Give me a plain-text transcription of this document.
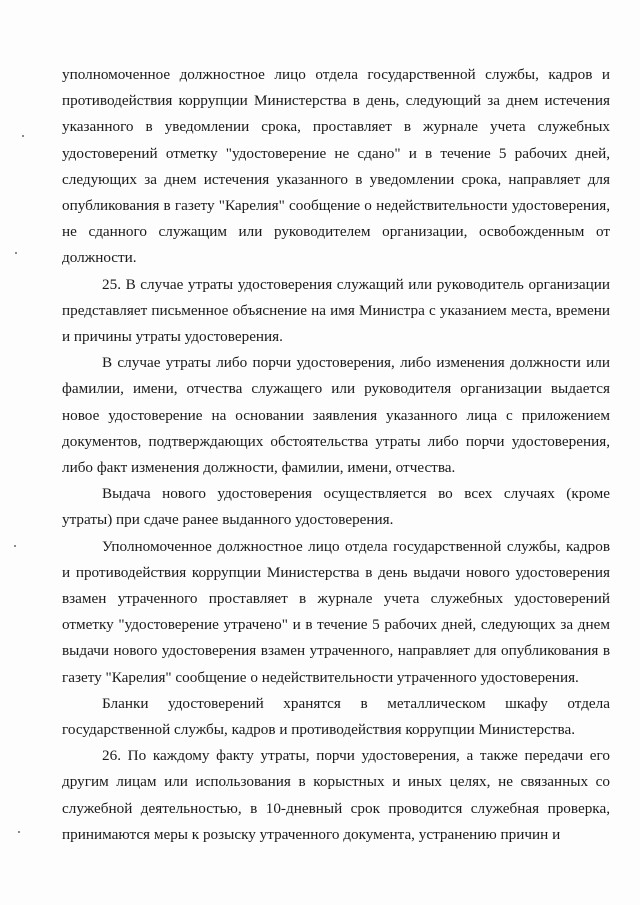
уполномоченное должностное лицо отдела государственной службы, кадров и противодействия коррупции Министерства в день, следующий за днем истечения указанного в уведомлении срока, проставляет в журнале учета служебных удостоверений отметку "удостоверение не сдано" и в течение 5 рабочих дней, следующих за днем истечения указанного в уведомлении срока, направляет для опубликования в газету "Карелия" сообщение о недействительности удостоверения, не сданного служащим или руководителем организации, освобожденным от должности.

25. В случае утраты удостоверения служащий или руководитель организации представляет письменное объяснение на имя Министра с указанием места, времени и причины утраты удостоверения.

В случае утраты либо порчи удостоверения, либо изменения должности или фамилии, имени, отчества служащего или руководителя организации выдается новое удостоверение на основании заявления указанного лица с приложением документов, подтверждающих обстоятельства утраты либо порчи удостоверения, либо факт изменения должности, фамилии, имени, отчества.

Выдача нового удостоверения осуществляется во всех случаях (кроме утраты) при сдаче ранее выданного удостоверения.

Уполномоченное должностное лицо отдела государственной службы, кадров и противодействия коррупции Министерства в день выдачи нового удостоверения взамен утраченного проставляет в журнале учета служебных удостоверений отметку "удостоверение утрачено" и в течение 5 рабочих дней, следующих за днем выдачи нового удостоверения взамен утраченного, направляет для опубликования в газету "Карелия" сообщение о недействительности утраченного удостоверения.

Бланки удостоверений хранятся в металлическом шкафу отдела государственной службы, кадров и противодействия коррупции Министерства.

26. По каждому факту утраты, порчи удостоверения, а также передачи его другим лицам или использования в корыстных и иных целях, не связанных со служебной деятельностью, в 10-дневный срок проводится служебная проверка, принимаются меры к розыску утраченного документа, устранению причин и
